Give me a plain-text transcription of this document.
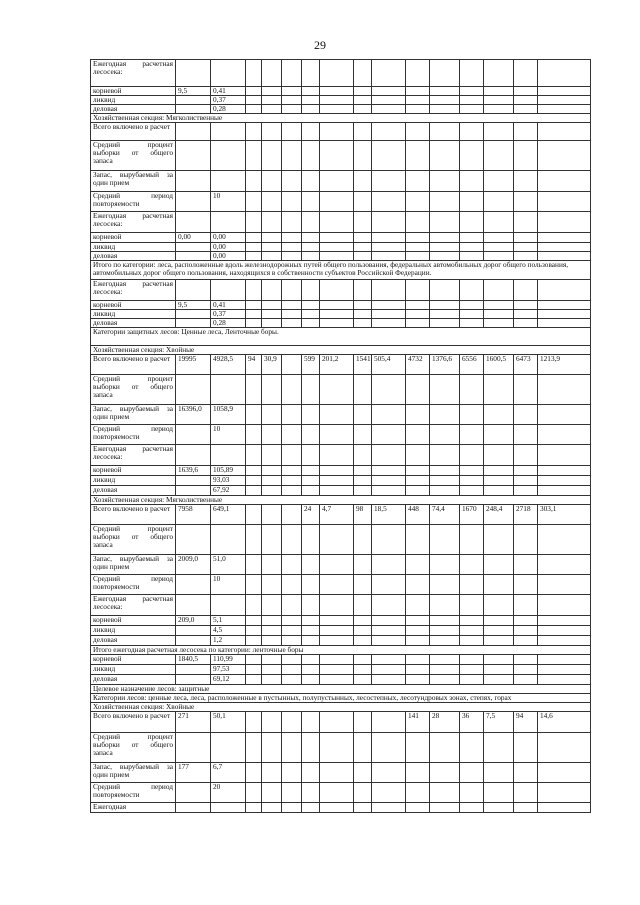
29
Ежегодная расчетная лесосека:															
корневой	9,5	0,41													
ликвид		0,37													
деловая		0,28													
Хозяйственная секция: Мягколиственные															
Всего включено в расчет															
Средний процент выборки от общего запаса															
Запас, вырубаемый за один прием															
Средний период повторяемости		10													
Ежегодная расчетная лесосека:															
корневой	0,00	0,00													
ликвид		0,00													
деловая		0,00													
Итого по категории: леса, расположенные вдоль железнодорожных путей общего пользования, федеральных автомобильных дорог общего пользования, автомобильных дорог общего пользования, находящихся в собственности субъектов Российской Федерации.															
Ежегодная расчетная лесосека:															
корневой	9,5	0,41													
ликвид		0,37													
деловая		0,28													
Категории защитных лесов: Ценные леса, Ленточные боры.															
Хозяйственная секция: Хвойные															
Всего включено в расчет	19995	4928,5	94	30,9		599	201,2	1541	505,4	4732	1376,6	6556	1600,5	6473	1213,9
Средний процент выборки от общего запаса															
Запас, вырубаемый за один прием	16396,0	1058,9													
Средний период повторяемости		10													
Ежегодная расчетная лесосека:															
корневой	1639,6	105,89													
ликвид		93,03													
деловая		67,92													
Хозяйственная секция: Мягколиственные															
Всего включено в расчет	7958	649,1				24	4,7	98	18,5	448	74,4	1670	248,4	2718	303,1
Средний процент выборки от общего запаса															
Запас, вырубаемый за один прием	2009,0	51,0													
Средний период повторяемости		10													
Ежегодная расчетная лесосека:															
корневой	209,0	5,1													
ликвид		4,5													
деловая		1,2													
Итого ежегодная расчетная лесосека по категории: ленточные боры															
корневой	1840,5	110,99													
ликвид		97,53													
деловая		69,12													
Целевое назначение лесов: защитные															
Категории лесов: ценные леса, леса, расположенные в пустынных, полупустынных, лесостепных, лесотундровых зонах, степях, горах															
Хозяйственная секция: Хвойные															
Всего включено в расчет	271	50,1								141	28	36	7,5	94	14,6
Средний процент выборки от общего запаса															
Запас, вырубаемый за один прием	177	6,7													
Средний период повторяемости		20													
Ежегодная															
